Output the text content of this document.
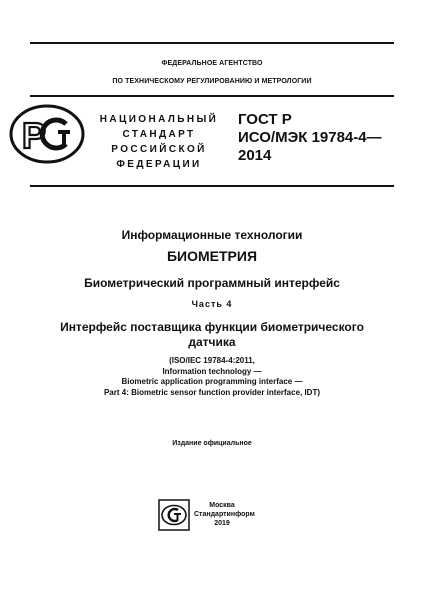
ФЕДЕРАЛЬНОЕ АГЕНТСТВО
ПО ТЕХНИЧЕСКОМУ РЕГУЛИРОВАНИЮ И МЕТРОЛОГИИ
P	НАЦИОНАЛЬНЫЙ
СТАНДАРТ
РОССИЙСКОЙ
ФЕДЕРАЦИИ
ГОСТ Р
ИСО/МЭК 19784-4—
2014
Информационные технологии
БИОМЕТРИЯ
Биометрический программный интерфейс
Часть 4
Интерфейс поставщика функции биометрического
датчика
(ISO/IEC 19784-4:2011,
Information technology —
Biometric application programming interface —
Part 4: Biometric sensor function provider interface, IDT)
Издание официальное
Москва
Стандартинформ
2019
